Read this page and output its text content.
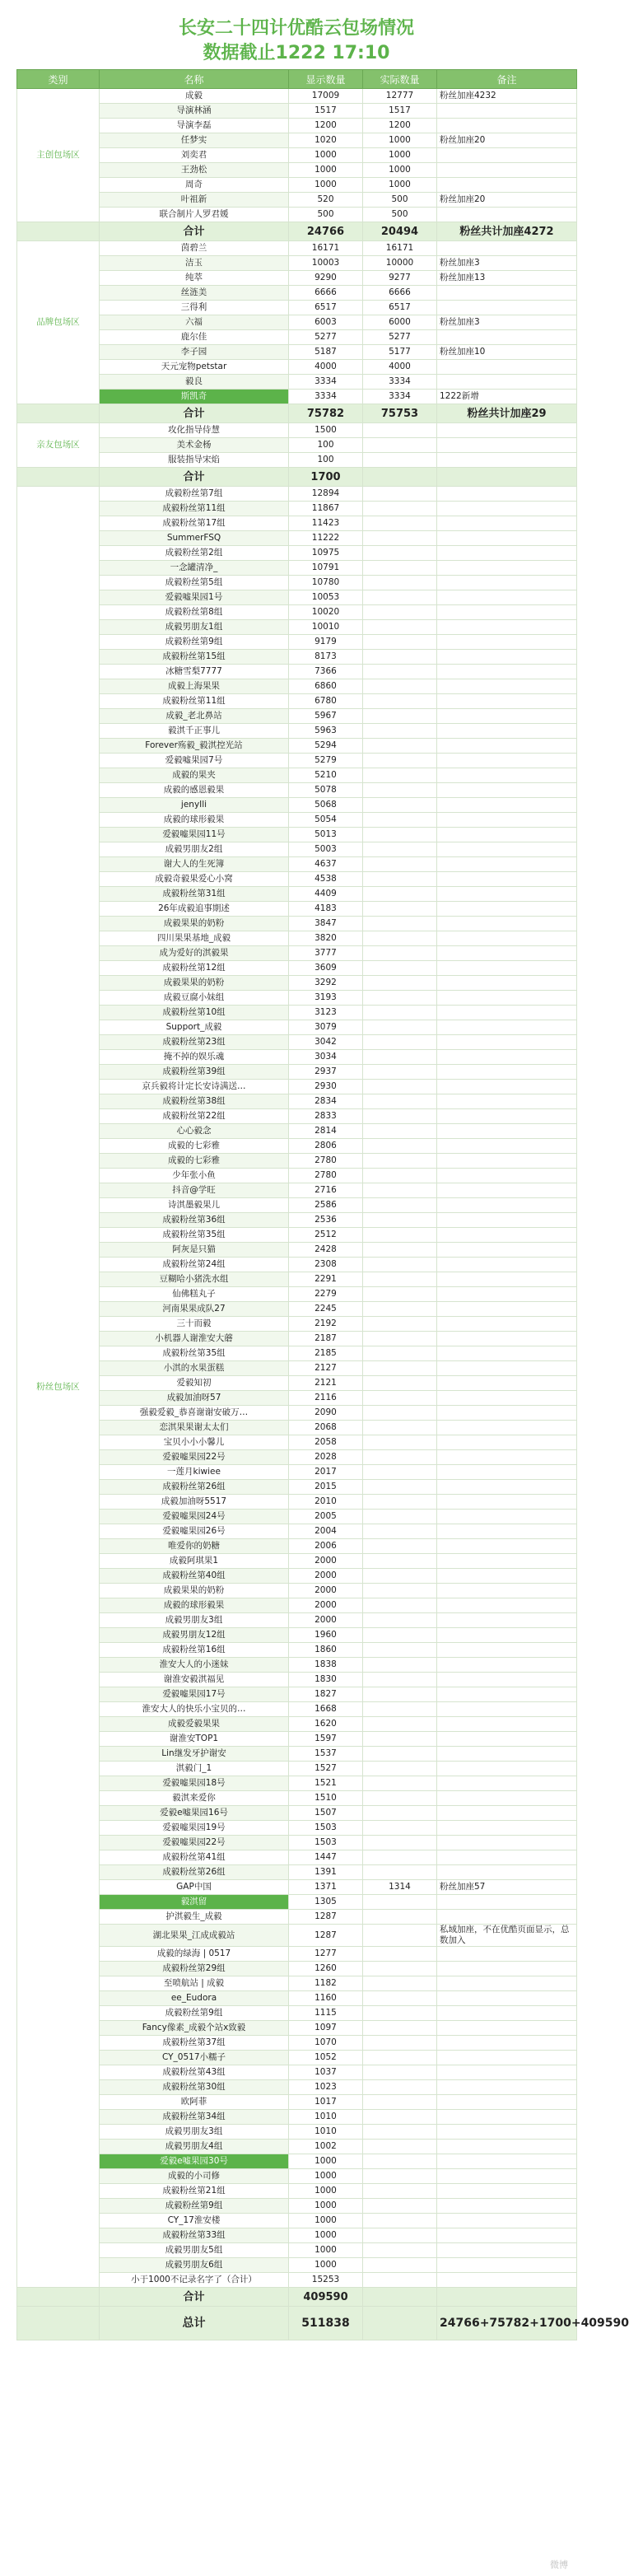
长安二十四计优酷云包场情况
数据截止1222 17:10
类别	名称	显示数量	实际数量	备注
主创包场区	成毅	17009	12777	粉丝加座4232
	导演林涵	1517	1517	
	导演李磊	1200	1200	
	任梦实	1020	1000	粉丝加座20
	刘奕君	1000	1000	
	王劲松	1000	1000	
	周奇	1000	1000	
	叶祖新	520	500	粉丝加座20
	联合制片人罗君媛	500	500	
	合计	24766	20494	粉丝共计加座4272
品牌包场区	茵碧兰	16171	16171	
	洁玉	10003	10000	粉丝加座3
	纯萃	9290	9277	粉丝加座13
	丝涟美	6666	6666	
	三得利	6517	6517	
	六福	6003	6000	粉丝加座3
	鹿尔佳	5277	5277	
	李子园	5187	5177	粉丝加座10
	天元宠物petstar	4000	4000	
	毅良	3334	3334	
	斯凯奇	3334	3334	1222新增
	合计	75782	75753	粉丝共计加座29
亲友包场区	攻化指导侍慧	1500		
	美术金杨	100		
	服装指导宋焰	100		
	合计	1700		
粉丝包场区	成毅粉丝第7组	12894		
	成毅粉丝第11组	11867		
	成毅粉丝第17组	11423		
	SummerFSQ	11222		
	成毅粉丝第2组	10975		
	一念罐清净_	10791		
	成毅粉丝第5组	10780		
	爱毅嘘果园1号	10053		
	成毅粉丝第8组	10020		
	成毅男朋友1组	10010		
	成毅粉丝第9组	9179		
	成毅粉丝第15组	8173		
	冰糖雪梨7777	7366		
	成毅上海果果	6860		
	成毅粉丝第11组	6780		
	成毅_老北鼻站	5967		
	毅淇千正事儿	5963		
	Forever殇毅_毅淇控光站	5294		
	爱毅嘘果园7号	5279		
	成毅的果夹	5210		
	成毅的感恩毅果	5078		
	jenyIli	5068		
	成毅的球形毅果	5054		
	爱毅嘘果园11号	5013		
	成毅男朋友2组	5003		
	谢大人的生死簿	4637		
	成毅奇毅果爱心小窝	4538		
	成毅粉丝第31组	4409		
	26年成毅追事期述	4183		
	成毅果果的奶粉	3847		
	四川果果基地_成毅	3820		
	成为爱好的淇毅果	3777		
	成毅粉丝第12组	3609		
	成毅果果的奶粉	3292		
	成毅豆腐小妹组	3193		
	成毅粉丝第10组	3123		
	Support_成毅	3079		
	成毅粉丝第23组	3042		
	掩不掉的娱乐魂	3034		
	成毅粉丝第39组	2937		
	京兵毅将计定长安诗满送…	2930		
	成毅粉丝第38组	2834		
	成毅粉丝第22组	2833		
	心心毅念	2814		
	成毅的七彩雅	2806		
	成毅的七彩雅	2780		
	少年张小鱼	2780		
	抖音@学旺	2716		
	诗淇墨毅果儿	2586		
	成毅粉丝第36组	2536		
	成毅粉丝第35组	2512		
	阿灰是只猫	2428		
	成毅粉丝第24组	2308		
	豆糊哈小猪洗水组	2291		
	仙佛糕丸子	2279		
	河南果果成队27	2245		
	三十而毅	2192		
	小机器人谢淮安大蘑	2187		
	成毅粉丝第35组	2185		
	小淇的水果蛋糕	2127		
	爱毅知初	2121		
	成毅加油呀57	2116		
	强毅爱毅_恭喜谢谢安破万…	2090		
	恋淇果果谢太太们	2068		
	宝贝小小小馨儿	2058		
	爱毅嘘果园22号	2028		
	一莲月kiwiee	2017		
	成毅粉丝第26组	2015		
	成毅加油呀5517	2010		
	爱毅嘘果园24号	2005		
	爱毅嘘果园26号	2004		
	唯爱你的奶糖	2006		
	成毅阿琪果1	2000		
	成毅粉丝第40组	2000		
	成毅果果的奶粉	2000		
	成毅的球形毅果	2000		
	成毅男朋友3组	2000		
	成毅男朋友12组	1960		
	成毅粉丝第16组	1860		
	淮安大人的小迷妹	1838		
	谢淮安毅淇福见	1830		
	爱毅嘘果园17号	1827		
	淮安大人的快乐小宝贝的…	1668		
	成毅爱毅果果	1620		
	谢淮安TOP1	1597		
	Lin继发牙护谢安	1537		
	淇毅门_1	1527		
	爱毅嘘果园18号	1521		
	毅淇来爱你	1510		
	爱毅e嘘果园16号	1507		
	爱毅嘘果园19号	1503		
	爱毅嘘果园22号	1503		
	成毅粉丝第41组	1447		
	成毅粉丝第26组	1391		
	GAP中国	1371	1314	粉丝加座57
	毅淇留	1305		
	护淇毅生_成毅	1287		
	湖北果果_江成成毅站	1287		私域加座，不在优酷页面显示，总数加入
	成毅的绿海 | 0517	1277		
	成毅粉丝第29组	1260		
	至喷航站 | 成毅	1182		
	ee_Eudora	1160		
	成毅粉丝第9组	1115		
	Fancy像素_成毅个站x致毅	1097		
	成毅粉丝第37组	1070		
	CY_0517小糯子	1052		
	成毅粉丝第43组	1037		
	成毅粉丝第30组	1023		
	欧阿菲	1017		
	成毅粉丝第34组	1010		
	成毅男朋友3组	1010		
	成毅男朋友4组	1002		
	爱毅e嘘果园30号	1000		
	成毅的小司修	1000		
	成毅粉丝第21组	1000		
	成毅粉丝第9组	1000		
	CY_17淮安楼	1000		
	成毅粉丝第33组	1000		
	成毅男朋友5组	1000		
	成毅男朋友6组	1000		
	小于1000不记录名字了（合计）	15253		
	合计	409590		
	总计	511838		24766+75782+1700+409590
微博
